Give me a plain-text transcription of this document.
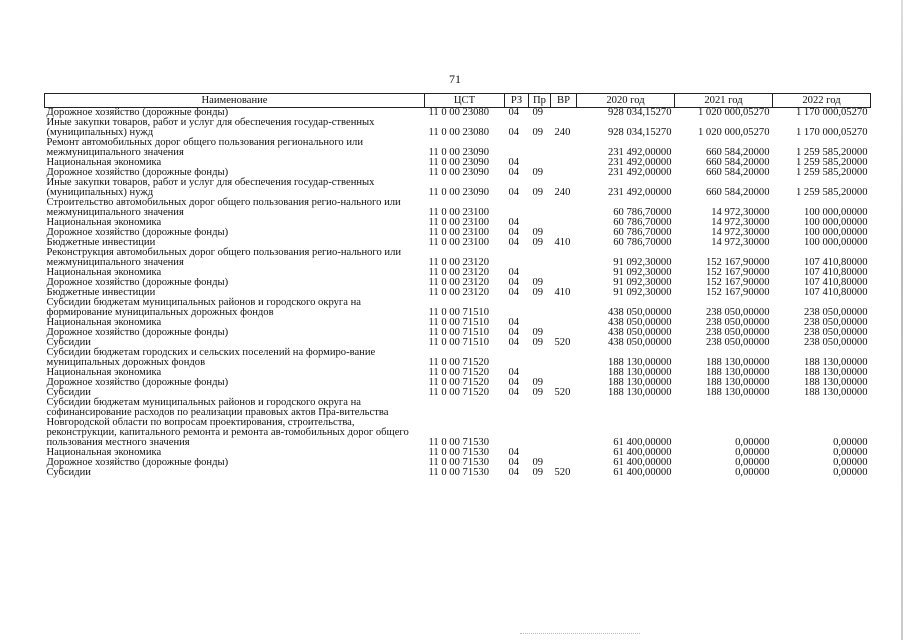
71
Наименование	ЦСТ	РЗ	Пр	ВР	2020 год	2021 год	2022 год
Дорожное хозяйство (дорожные фонды)	11 0 00 23080	04	09		928 034,15270	1 020 000,05270	1 170 000,05270
Иные закупки товаров, работ и услуг для обеспечения государ-ственных (муниципальных) нужд	11 0 00 23080	04	09	240	928 034,15270	1 020 000,05270	1 170 000,05270
Ремонт автомобильных дорог общего пользования регионального или межмуниципального значения	11 0 00 23090				231 492,00000	660 584,20000	1 259 585,20000
Национальная экономика	11 0 00 23090	04			231 492,00000	660 584,20000	1 259 585,20000
Дорожное хозяйство (дорожные фонды)	11 0 00 23090	04	09		231 492,00000	660 584,20000	1 259 585,20000
Иные закупки товаров, работ и услуг для обеспечения государ-ственных (муниципальных) нужд	11 0 00 23090	04	09	240	231 492,00000	660 584,20000	1 259 585,20000
Строительство автомобильных дорог общего пользования регио-нального или межмуниципального значения	11 0 00 23100				60 786,70000	14 972,30000	100 000,00000
Национальная экономика	11 0 00 23100	04			60 786,70000	14 972,30000	100 000,00000
Дорожное хозяйство (дорожные фонды)	11 0 00 23100	04	09		60 786,70000	14 972,30000	100 000,00000
Бюджетные инвестиции	11 0 00 23100	04	09	410	60 786,70000	14 972,30000	100 000,00000
Реконструкция автомобильных дорог общего пользования регио-нального или межмуниципального значения	11 0 00 23120				91 092,30000	152 167,90000	107 410,80000
Национальная экономика	11 0 00 23120	04			91 092,30000	152 167,90000	107 410,80000
Дорожное хозяйство (дорожные фонды)	11 0 00 23120	04	09		91 092,30000	152 167,90000	107 410,80000
Бюджетные инвестиции	11 0 00 23120	04	09	410	91 092,30000	152 167,90000	107 410,80000
Субсидии бюджетам муниципальных районов и городского округа на формирование муниципальных дорожных фондов	11 0 00 71510				438 050,00000	238 050,00000	238 050,00000
Национальная экономика	11 0 00 71510	04			438 050,00000	238 050,00000	238 050,00000
Дорожное хозяйство (дорожные фонды)	11 0 00 71510	04	09		438 050,00000	238 050,00000	238 050,00000
Субсидии	11 0 00 71510	04	09	520	438 050,00000	238 050,00000	238 050,00000
Субсидии бюджетам городских и сельских поселений на формиро-вание муниципальных дорожных фондов	11 0 00 71520				188 130,00000	188 130,00000	188 130,00000
Национальная экономика	11 0 00 71520	04			188 130,00000	188 130,00000	188 130,00000
Дорожное хозяйство (дорожные фонды)	11 0 00 71520	04	09		188 130,00000	188 130,00000	188 130,00000
Субсидии	11 0 00 71520	04	09	520	188 130,00000	188 130,00000	188 130,00000
Субсидии бюджетам муниципальных районов и городского округа на софинансирование расходов по реализации правовых актов Пра-вительства Новгородской области по вопросам проектирования, строительства, реконструкции, капитального ремонта и ремонта ав-томобильных дорог общего пользования местного значения	11 0 00 71530				61 400,00000	0,00000	0,00000
Национальная экономика	11 0 00 71530	04			61 400,00000	0,00000	0,00000
Дорожное хозяйство (дорожные фонды)	11 0 00 71530	04	09		61 400,00000	0,00000	0,00000
Субсидии	11 0 00 71530	04	09	520	61 400,00000	0,00000	0,00000
